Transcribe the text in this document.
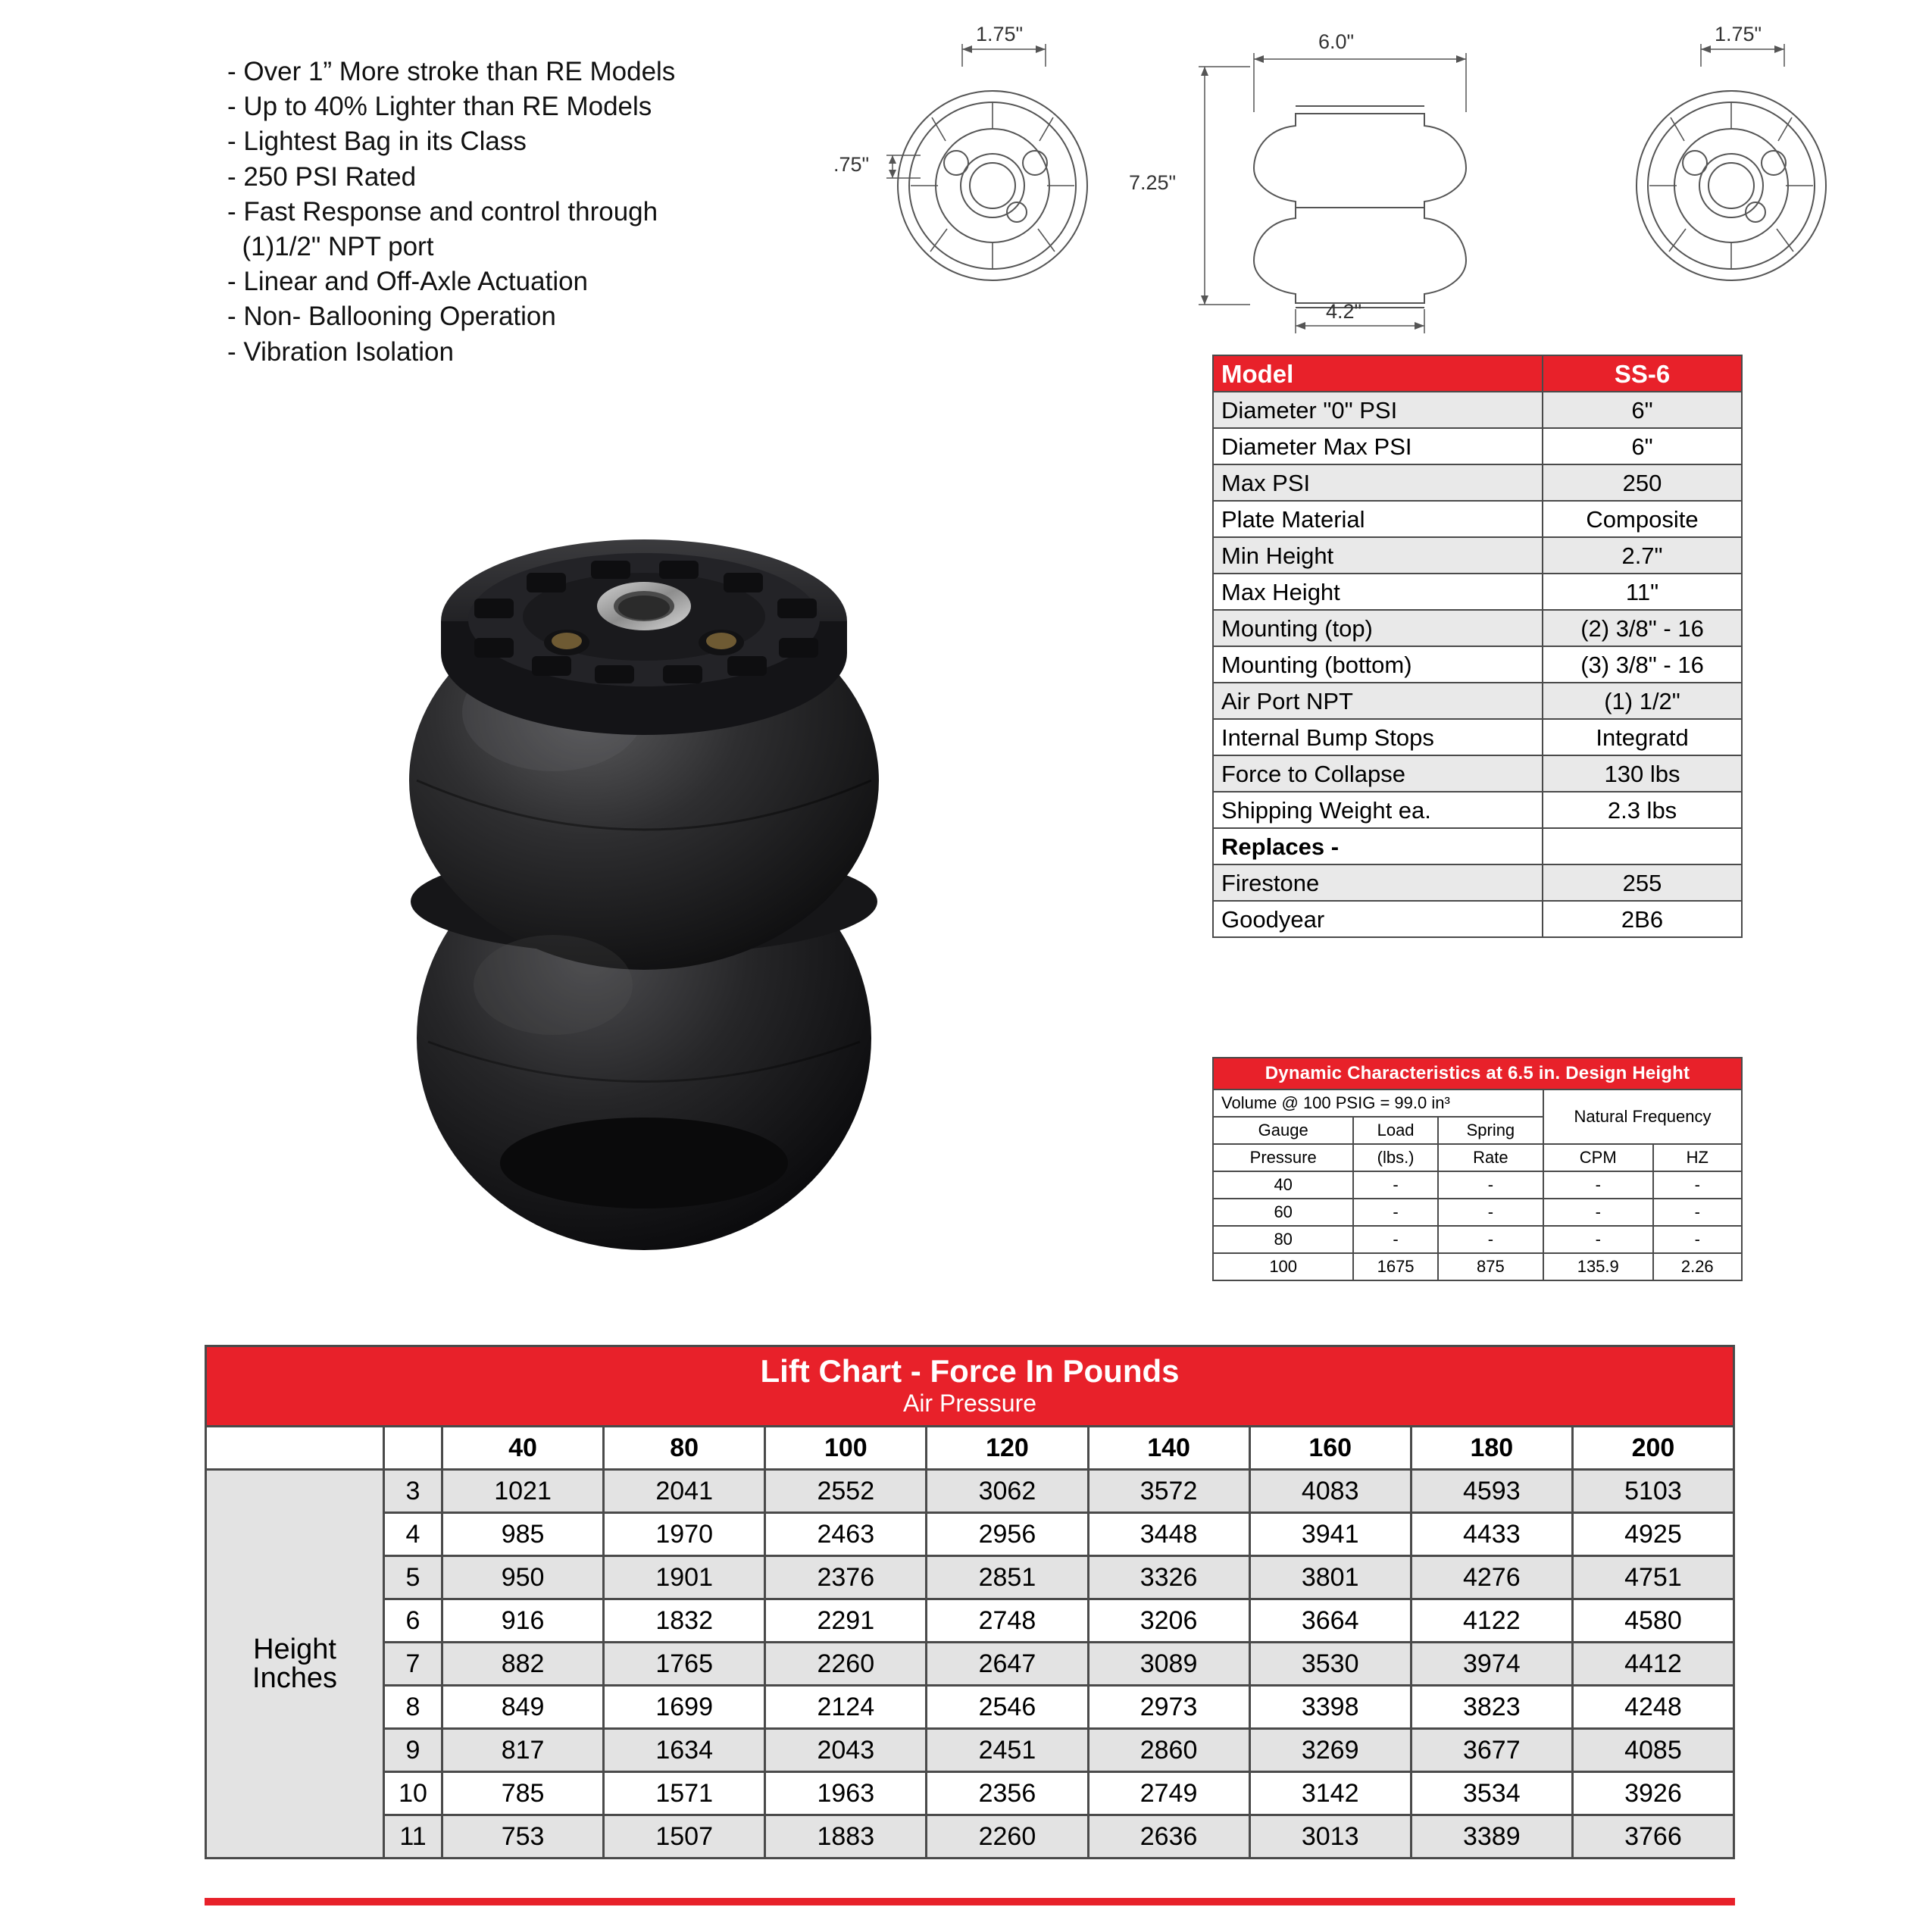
- Over 1” More stroke than RE Models
- Up to 40% Lighter than RE Models
- Lightest Bag in its Class
- 250 PSI Rated
- Fast Response and control through
(1)1/2" NPT port
- Linear and Off-Axle Actuation
- Non- Ballooning Operation
- Vibration Isolation
1.75"
.75"
6.0"
7.25"
4.2"
1.75"
Model	SS-6
Diameter "0" PSI	6"
Diameter Max PSI	6"
Max PSI	250
Plate Material	Composite
Min Height	2.7"
Max Height	11"
Mounting (top)	(2) 3/8" - 16
Mounting (bottom)	(3) 3/8" - 16
Air Port NPT	(1) 1/2"
Internal Bump Stops	Integratd
Force to Collapse	130 lbs
Shipping Weight ea.	2.3 lbs
Replaces -	
Firestone	255
Goodyear	2B6
Dynamic Characteristics at 6.5 in. Design Height
Volume @ 100 PSIG = 99.0 in³			Natural Frequency	
Gauge	Load	Spring		
Pressure	(lbs.)	Rate	CPM	HZ
40	-	-	-	-
60	-	-	-	-
80	-	-	-	-
100	1675	875	135.9	2.26
Lift Chart - Force In Pounds
Air Pressure
		40	80	100	120	140	160	180	200

Height
Inches	3	1021	2041	2552	3062	3572	4083	4593	5103
	4	985	1970	2463	2956	3448	3941	4433	4925
	5	950	1901	2376	2851	3326	3801	4276	4751
	6	916	1832	2291	2748	3206	3664	4122	4580
	7	882	1765	2260	2647	3089	3530	3974	4412
	8	849	1699	2124	2546	2973	3398	3823	4248
	9	817	1634	2043	2451	2860	3269	3677	4085
	10	785	1571	1963	2356	2749	3142	3534	3926
	11	753	1507	1883	2260	2636	3013	3389	3766
